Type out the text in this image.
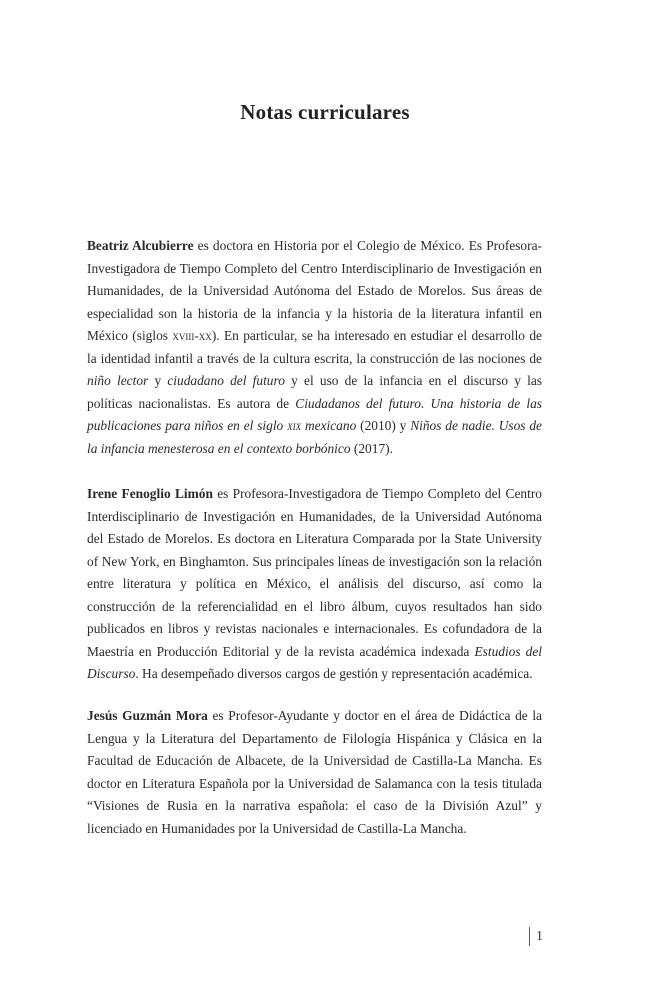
Notas curriculares

Beatriz Alcubierre es doctora en Historia por el Colegio de México. Es Profesora-Investigadora de Tiempo Completo del Centro Interdisciplinario de Investigación en Humanidades, de la Universidad Autónoma del Estado de Morelos. Sus áreas de especialidad son la historia de la infancia y la historia de la literatura infantil en México (siglos xviii-xx). En particular, se ha interesado en estudiar el desarrollo de la identidad infantil a través de la cultura escrita, la construcción de las nociones de niño lector y ciudadano del futuro y el uso de la infancia en el discurso y las políticas nacionalistas. Es autora de Ciudadanos del futuro. Una historia de las publicaciones para niños en el siglo xix mexicano (2010) y Niños de nadie. Usos de la infancia menesterosa en el contexto borbónico (2017).

Irene Fenoglio Limón es Profesora-Investigadora de Tiempo Completo del Centro Interdisciplinario de Investigación en Humanidades, de la Universidad Autónoma del Estado de Morelos. Es doctora en Literatura Comparada por la State University of New York, en Binghamton. Sus principales líneas de investigación son la relación entre literatura y política en México, el análisis del discurso, así como la construcción de la referencialidad en el libro álbum, cuyos resultados han sido publicados en libros y revistas nacionales e internacionales. Es cofundadora de la Maestría en Producción Editorial y de la revista académica indexada Estudios del Discurso. Ha desempeñado diversos cargos de gestión y representación académica.

Jesús Guzmán Mora es Profesor-Ayudante y doctor en el área de Didáctica de la Lengua y la Literatura del Departamento de Filología Hispánica y Clásica en la Facultad de Educación de Albacete, de la Universidad de Castilla-La Mancha. Es doctor en Literatura Española por la Universidad de Salamanca con la tesis titulada “Visiones de Rusia en la narrativa española: el caso de la División Azul” y licenciado en Humanidades por la Universidad de Castilla-La Mancha.

1
